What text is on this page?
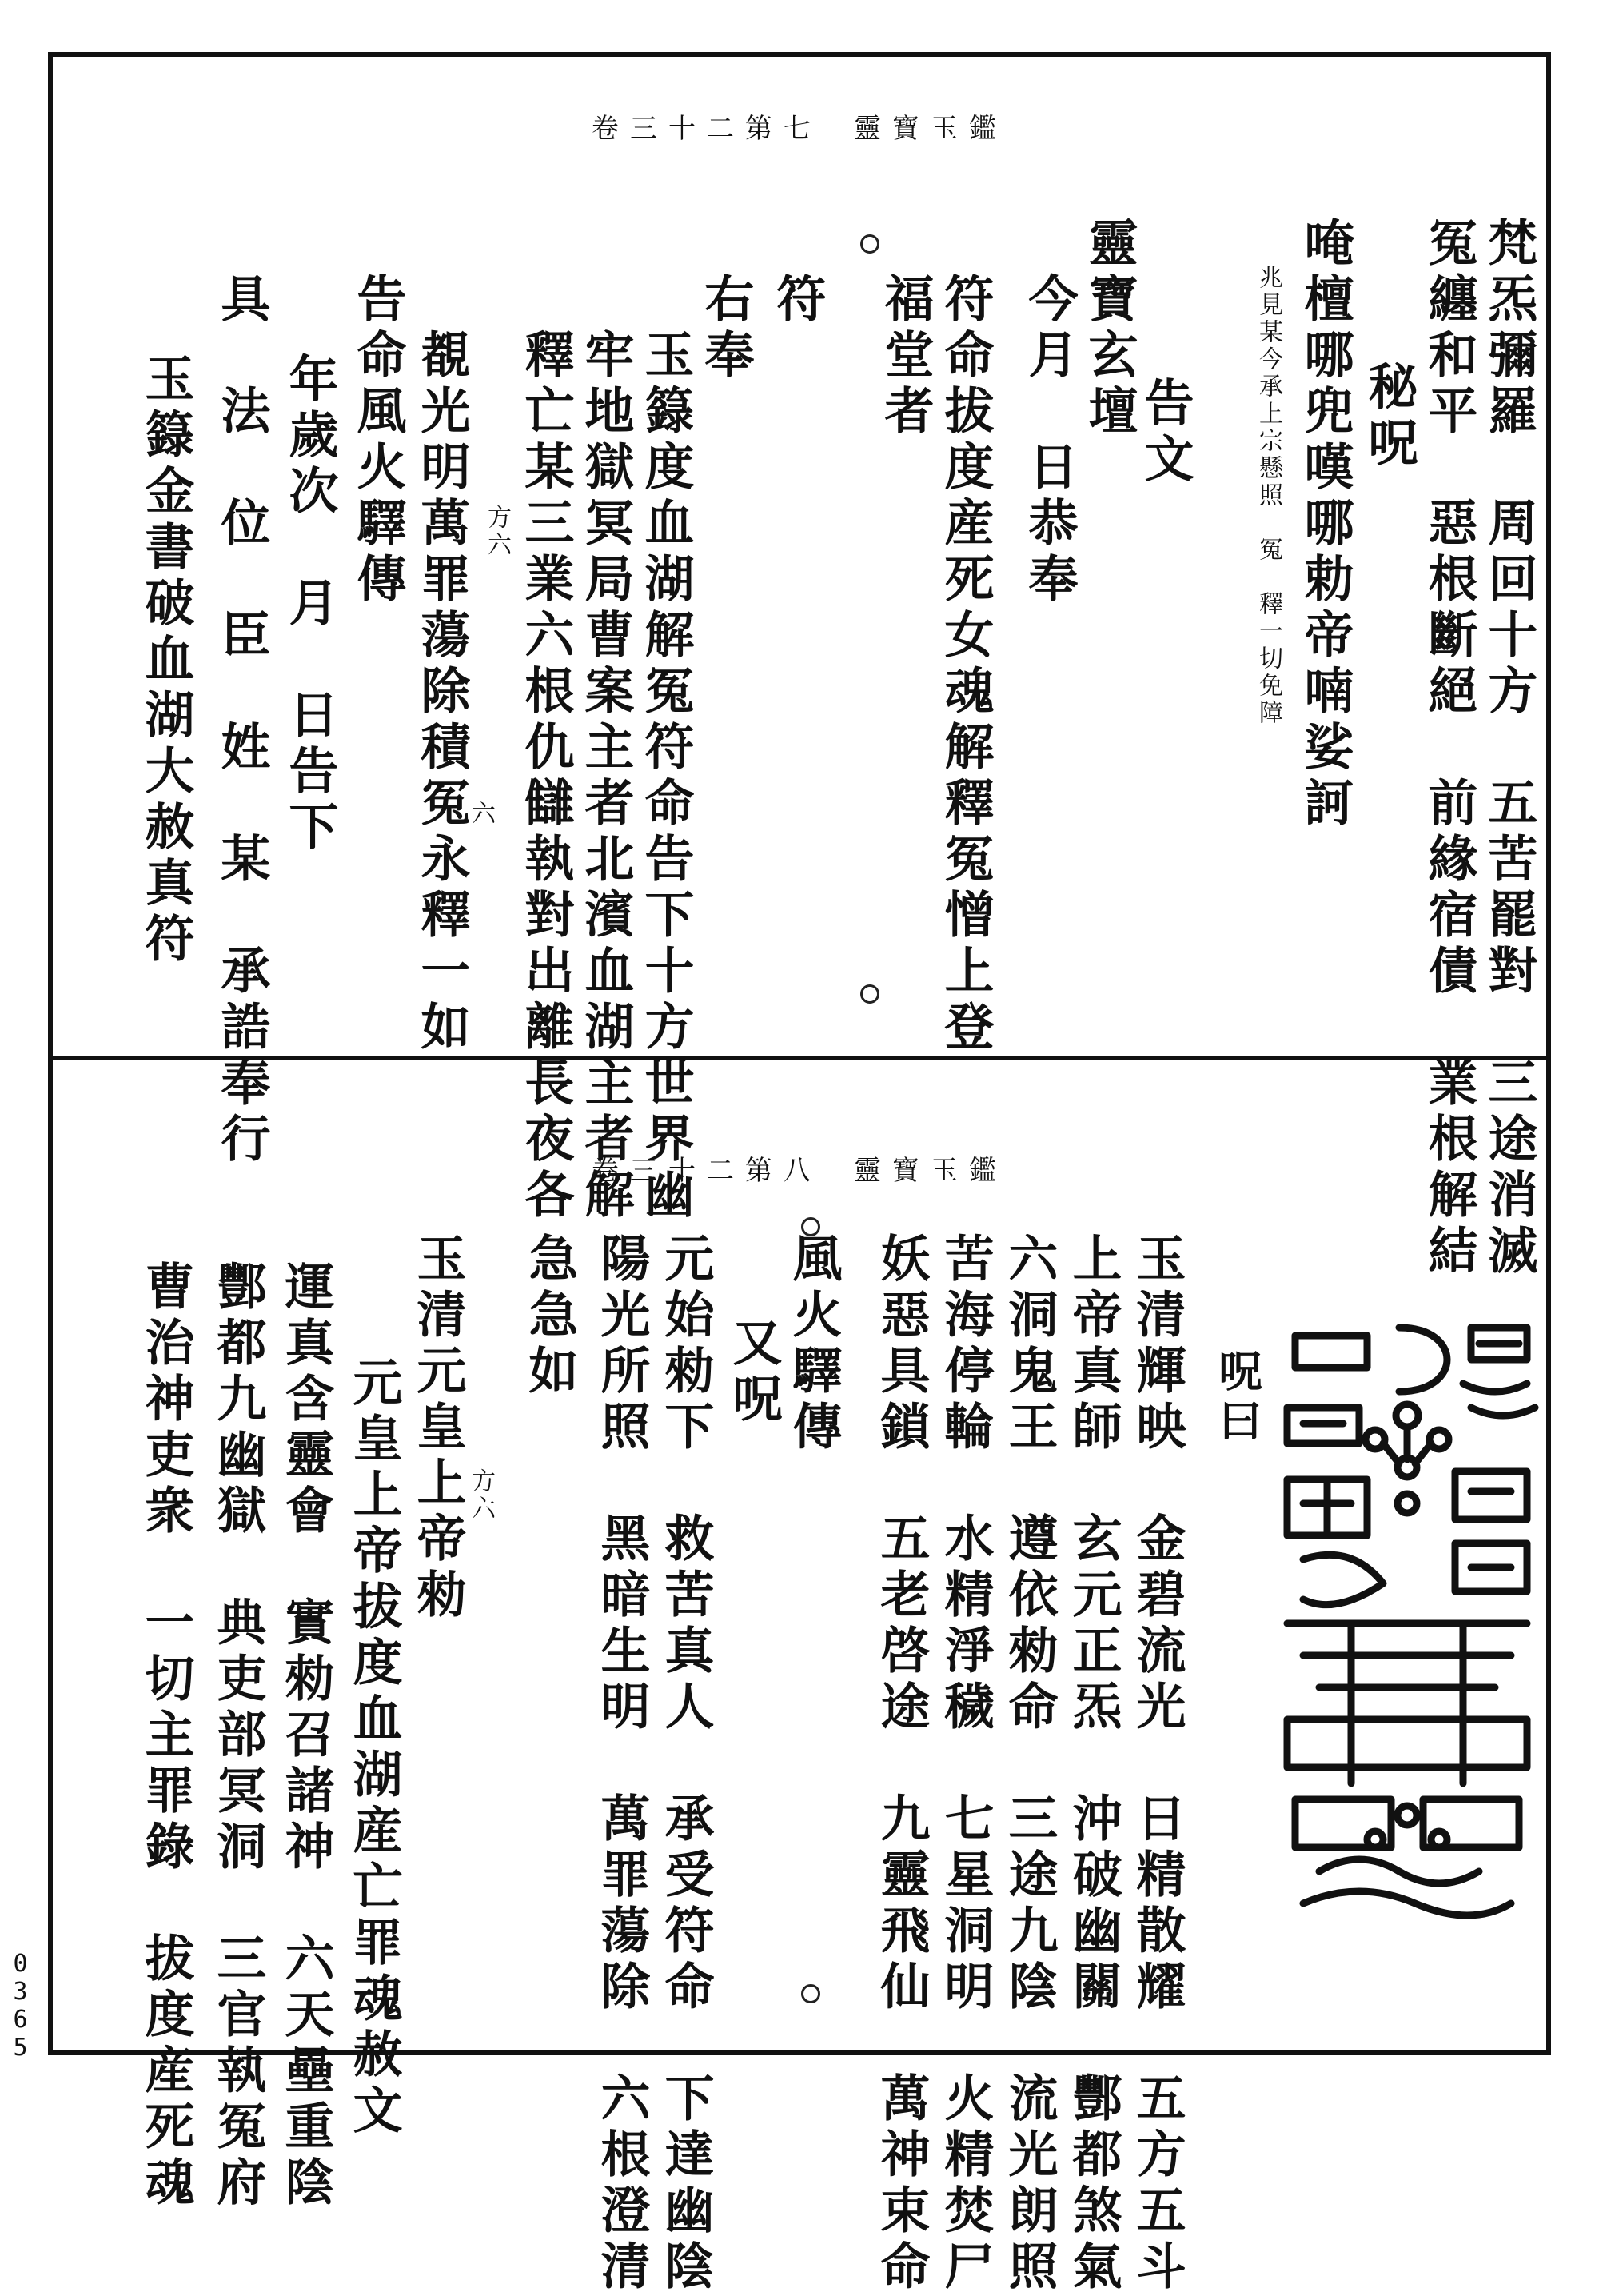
卷三十二第七 靈寶玉鑑
梵炁彌羅　周回十方　五苦罷對　三途消滅
冤纏和平　惡根斷絕　前緣宿債　業根解結
秘呪
唵檀哪兜嘆哪勅帝喃娑訶
兆見某今承上宗懸照　冤　釋一切免障
告文
靈寶玄壇
今月　日恭奉
符命拔度産死女魂解釋冤憎上登
福堂者
符
右奉
玉籙度血湖解冤符命告下十方世界幽
牢地獄冥局曹案主者北濱血湖主者解
釋亡某三業六根仇讎執對出離長夜各
方六
覩光明萬罪蕩除積冤永釋一如
六
告命風火驛傳
年歲次　月　日告下
具　法　位　臣　姓　某　承誥奉行
玉籙金書破血湖大赦真符
卷三十二第八 靈寶玉鑑
呪曰
玉清輝映　金碧流光　日精散耀　五方五斗
上帝真師　玄元正炁　沖破幽關　酆都煞氣
六洞鬼王　遵依勑命　三途九陰　流光朗照
苦海停輪　水精淨穢　七星洞明　火精焚尸
妖惡具鎖　五老啓途　九靈飛仙　萬神束命
風火驛傳
又呪
元始勑下　救苦真人　承受符命　下達幽陰
陽光所照　黑暗生明　萬罪蕩除　六根澄清
急急如
玉清元皇上帝勑 方六
元皇上帝拔度血湖産亡罪魂赦文
運真含靈會　實勑召諸神　六天壘重陰
酆都九幽獄　典吏部冥洞　三官執冤府
曹治神吏衆　一切主罪錄　拔度産死魂
0365
